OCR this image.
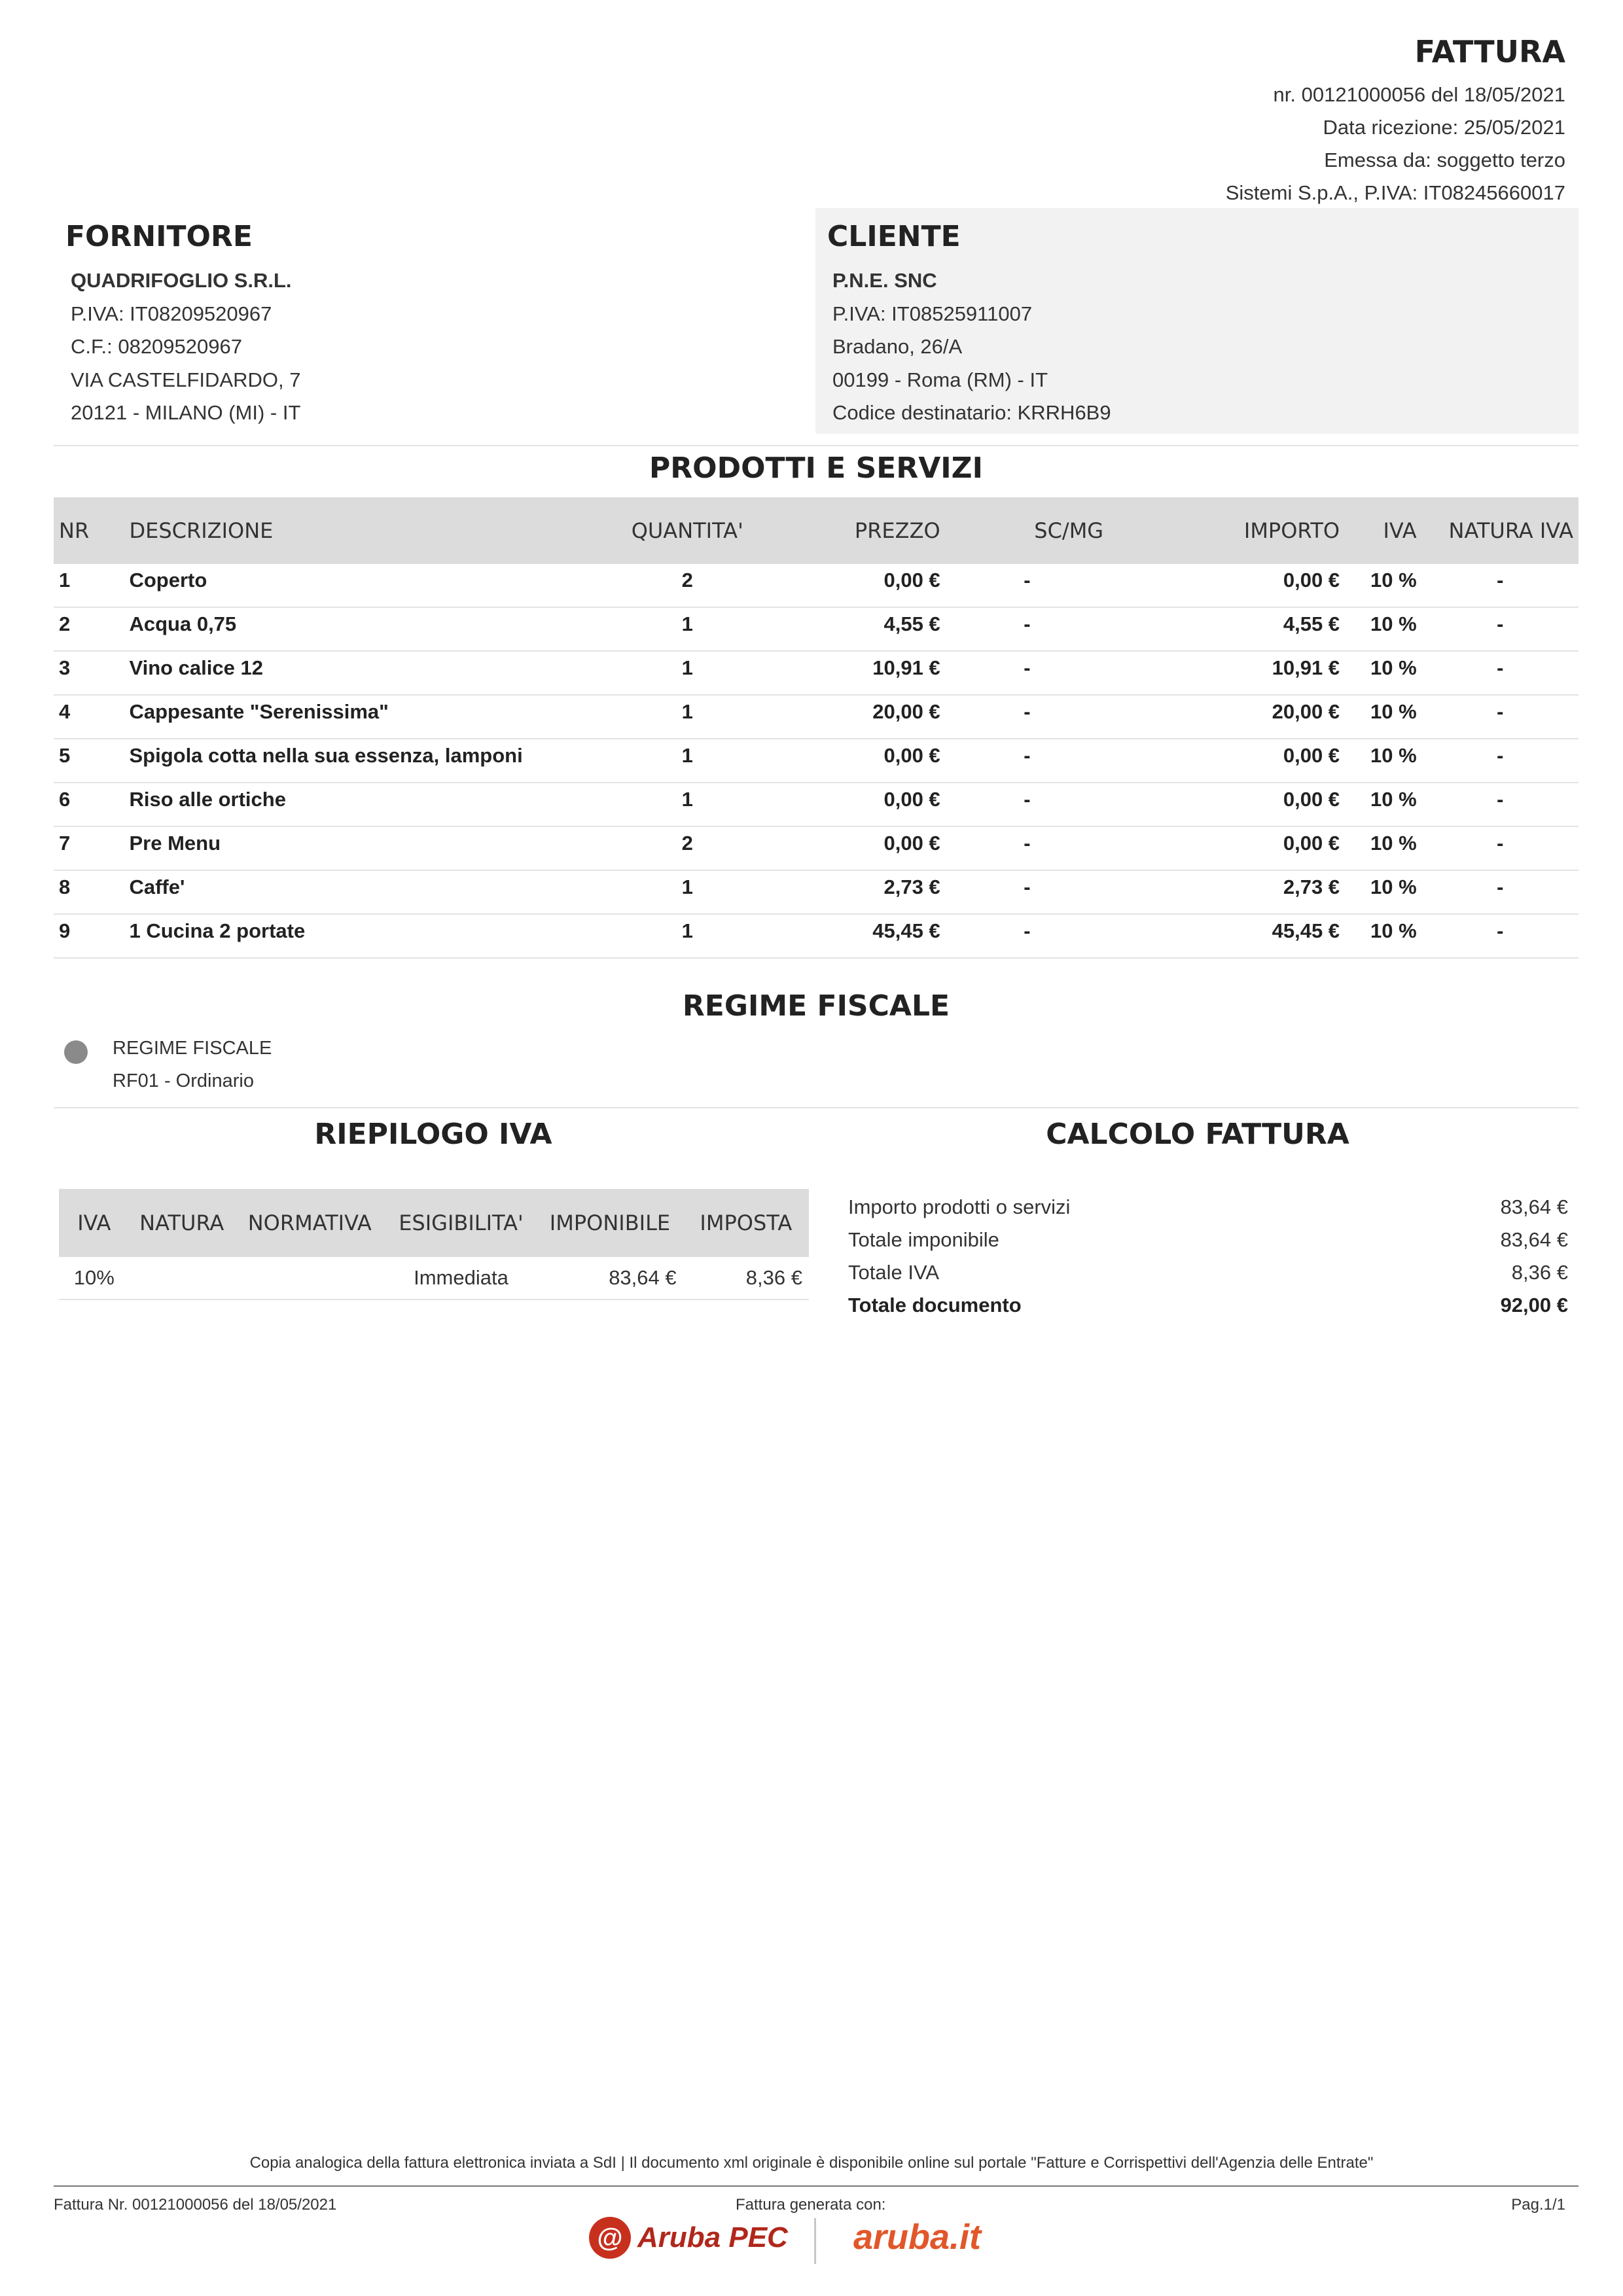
FATTURA
nr. 00121000056 del 18/05/2021
Data ricezione: 25/05/2021
Emessa da: soggetto terzo
Sistemi S.p.A., P.IVA: IT08245660017
FORNITORE
QUADRIFOGLIO S.R.L.
P.IVA: IT08209520967
C.F.: 08209520967
VIA CASTELFIDARDO, 7
20121 - MILANO (MI) - IT
CLIENTE
P.N.E. SNC
P.IVA: IT08525911007
Bradano, 26/A
00199 - Roma (RM) - IT
Codice destinatario: KRRH6B9
PRODOTTI E SERVIZI
NR	DESCRIZIONE	QUANTITA'	PREZZO	SC/MG	IMPORTO	IVA	NATURA IVA
1	Coperto	2	0,00 €	-	0,00 €	10 %	-
2	Acqua 0,75	1	4,55 €	-	4,55 €	10 %	-
3	Vino calice 12	1	10,91 €	-	10,91 €	10 %	-
4	Cappesante "Serenissima"	1	20,00 €	-	20,00 €	10 %	-
5	Spigola cotta nella sua essenza, lamponi	1	0,00 €	-	0,00 €	10 %	-
6	Riso alle ortiche	1	0,00 €	-	0,00 €	10 %	-
7	Pre Menu	2	0,00 €	-	0,00 €	10 %	-
8	Caffe'	1	2,73 €	-	2,73 €	10 %	-
9	1 Cucina 2 portate	1	45,45 €	-	45,45 €	10 %	-
REGIME FISCALE
REGIME FISCALE
RF01 - Ordinario
RIEPILOGO IVA
IVA	NATURA	NORMATIVA	ESIGIBILITA'	IMPONIBILE	IMPOSTA
10%			Immediata	83,64 €	8,36 €
CALCOLO FATTURA
Importo prodotti o servizi	83,64 €
Totale imponibile	83,64 €
Totale IVA	8,36 €
Totale documento	92,00 €
Copia analogica della fattura elettronica inviata a SdI | Il documento xml originale è disponibile online sul portale "Fatture e Corrispettivi dell'Agenzia delle Entrate"
Fattura Nr. 00121000056 del 18/05/2021	Fattura generata con:	Pag.1/1
@ Aruba PEC aruba.it
